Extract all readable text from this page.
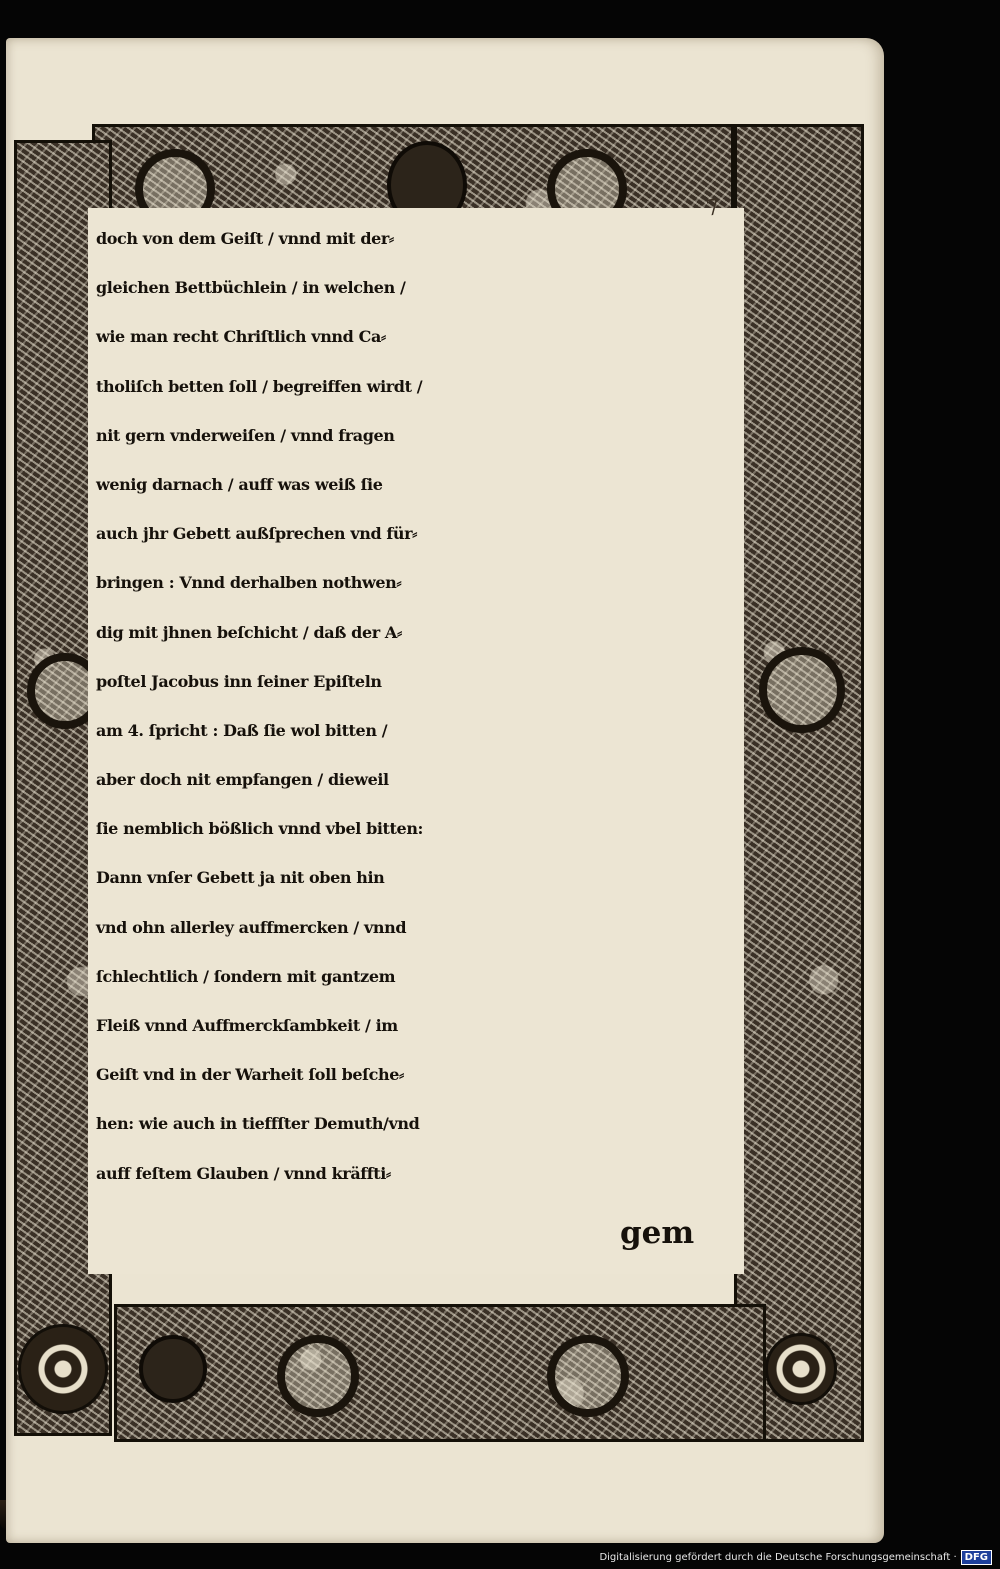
7
doch von dem Geiſt / vnnd mit der⸗
gleichen Bettbüchlein / in welchen /
wie man recht Chriſtlich vnnd Ca⸗
tholiſch betten ſoll / begreiffen wirdt /
nit gern vnderweiſen / vnnd fragen
wenig darnach / auff was weiß ſie
auch jhr Gebett außſprechen vnd für⸗
bringen : Vnnd derhalben nothwen⸗
dig mit jhnen beſchicht / daß der A⸗
poſtel Jacobus inn ſeiner Epiſteln
am 4. ſpricht : Daß ſie wol bitten /
aber doch nit empfangen / dieweil
ſie nemblich bößlich vnnd vbel bitten:
Dann vnſer Gebett ja nit oben hin
vnd ohn allerley auffmercken / vnnd
ſchlechtlich / ſondern mit gantzem
Fleiß vnnd Auffmerckſambkeit / im
Geiſt vnd in der Warheit ſoll beſche⸗
hen: wie auch in tieffſter Demuth/vnd
auff feſtem Glauben / vnnd kräffti⸗
gem
Digitalisierung gefördert durch die Deutsche Forschungsgemeinschaft · DFG
